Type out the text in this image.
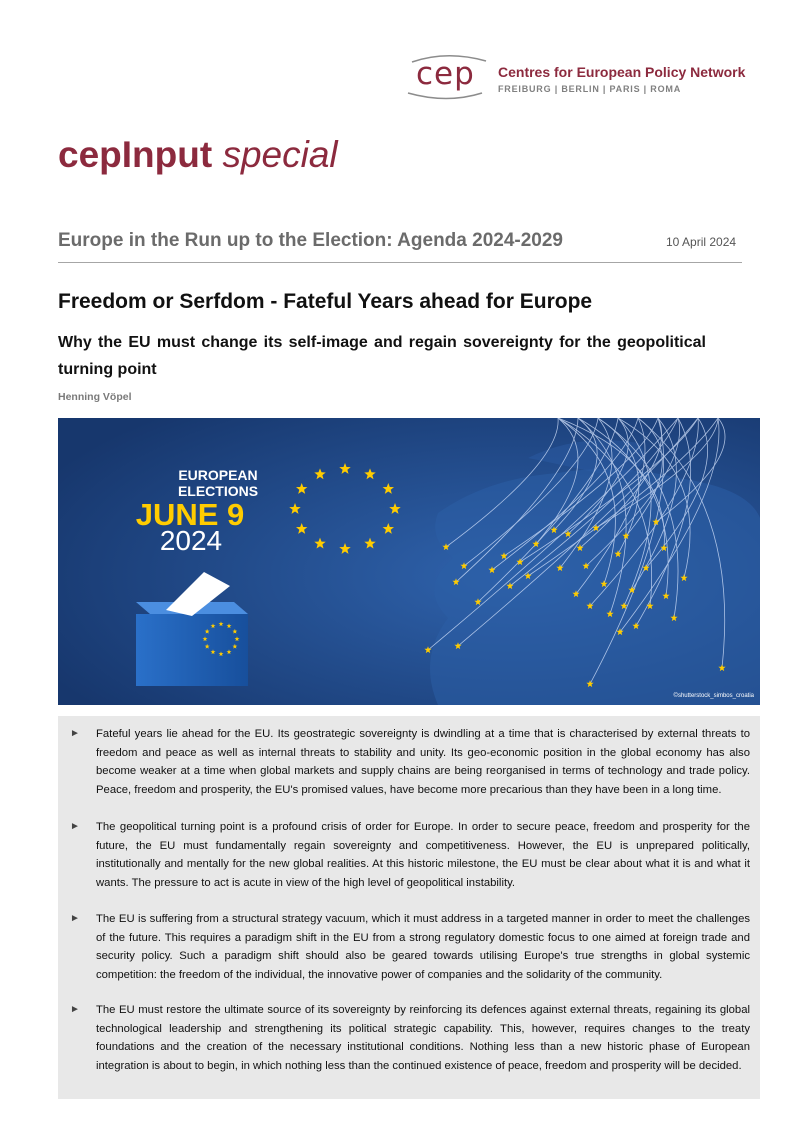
cep Centres for European Policy Network
FREIBURG | BERLIN | PARIS | ROMA
cepInput special
Europe in the Run up to the Election: Agenda 2024-2029	10 April 2024
Freedom or Serfdom - Fateful Years ahead for Europe
Why the EU must change its self-image and regain sovereignty for the geopolitical turning point
Henning Vöpel
EUROPEAN
ELECTIONS
JUNE 9
2024
©shutterstock_simbos_croatia
► Fateful years lie ahead for the EU. Its geostrategic sovereignty is dwindling at a time that is characterised by external threats to freedom and peace as well as internal threats to stability and unity. Its geo-economic position in the global economy has also become weaker at a time when global markets and supply chains are being reorganised in terms of technology and trade policy. Peace, freedom and prosperity, the EU's promised values, have become more precarious than they have been in a long time.
► The geopolitical turning point is a profound crisis of order for Europe. In order to secure peace, freedom and prosperity for the future, the EU must fundamentally regain sovereignty and competitiveness. However, the EU is unprepared politically, institutionally and mentally for the new global realities. At this historic milestone, the EU must be clear about what it is and what it wants. The pressure to act is acute in view of the high level of geopolitical instability.
► The EU is suffering from a structural strategy vacuum, which it must address in a targeted manner in order to meet the challenges of the future. This requires a paradigm shift in the EU from a strong regulatory domestic focus to one aimed at foreign trade and security policy. Such a paradigm shift should also be geared towards utilising Europe's true strengths in global systemic competition: the freedom of the individual, the innovative power of companies and the solidarity of the community.
► The EU must restore the ultimate source of its sovereignty by reinforcing its defences against external threats, regaining its global technological leadership and strengthening its political strategic capability. This, however, requires changes to the treaty foundations and the creation of the necessary institutional conditions. Nothing less than a new historic phase of European integration is about to begin, in which nothing less than the continued existence of peace, freedom and prosperity will be decided.
